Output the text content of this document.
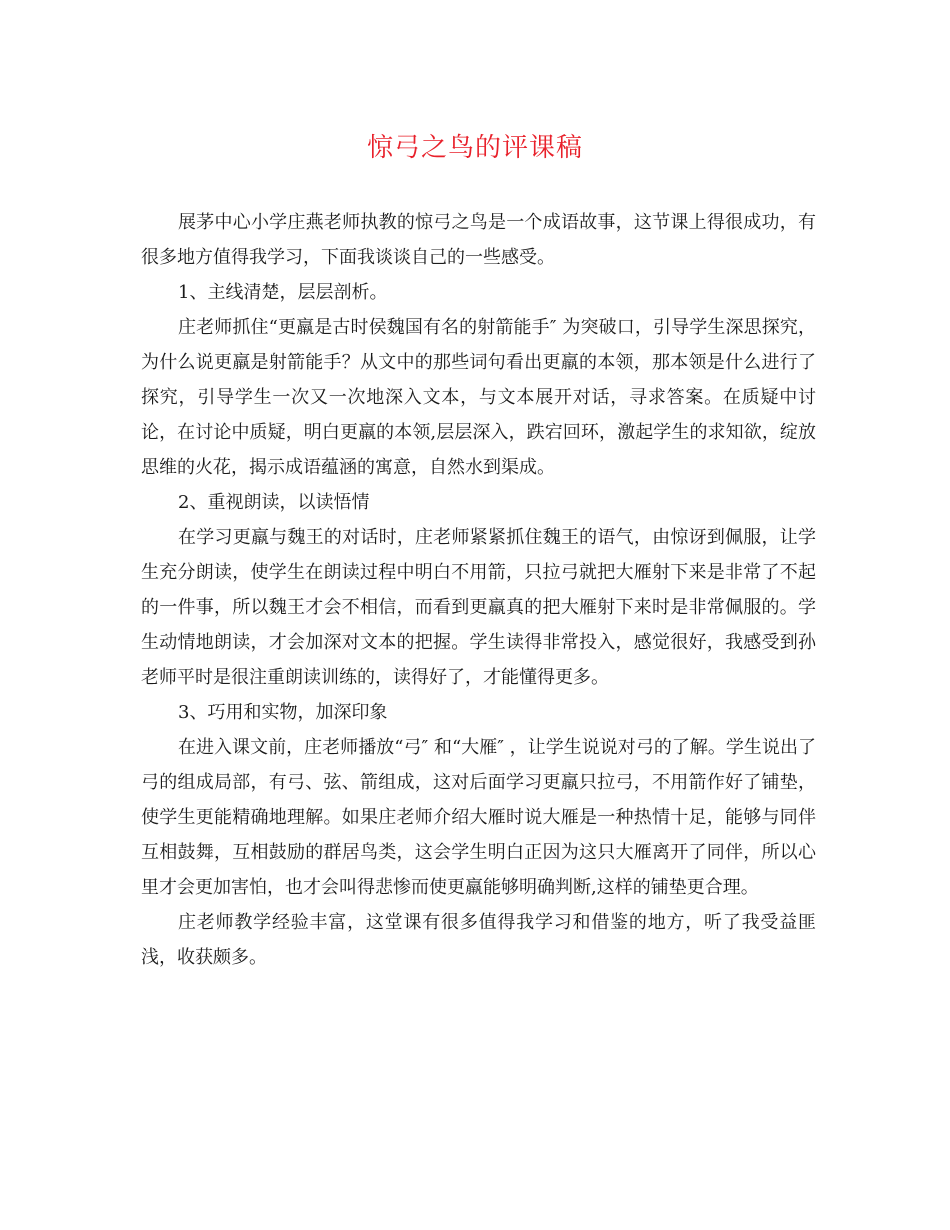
惊弓之鸟的评课稿

展茅中心小学庄燕老师执教的惊弓之鸟是一个成语故事，这节课上得很成功，有很多地方值得我学习，下面我谈谈自己的一些感受。

1、主线清楚，层层剖析。

庄老师抓住“更羸是古时侯魏国有名的射箭能手″ 为突破口，引导学生深思探究，为什么说更羸是射箭能手？从文中的那些词句看出更羸的本领，那本领是什么进行了探究，引导学生一次又一次地深入文本，与文本展开对话，寻求答案。在质疑中讨论，在讨论中质疑，明白更羸的本领,层层深入，跌宕回环，激起学生的求知欲，绽放思维的火花，揭示成语蕴涵的寓意，自然水到渠成。

2、重视朗读，以读悟情

在学习更羸与魏王的对话时，庄老师紧紧抓住魏王的语气，由惊讶到佩服，让学生充分朗读，使学生在朗读过程中明白不用箭，只拉弓就把大雁射下来是非常了不起的一件事，所以魏王才会不相信，而看到更羸真的把大雁射下来时是非常佩服的。学生动情地朗读，才会加深对文本的把握。学生读得非常投入，感觉很好，我感受到孙老师平时是很注重朗读训练的，读得好了，才能懂得更多。

3、巧用和实物，加深印象

在进入课文前，庄老师播放“弓″ 和“大雁″ ，让学生说说对弓的了解。学生说出了弓的组成局部，有弓、弦、箭组成，这对后面学习更羸只拉弓，不用箭作好了铺垫，使学生更能精确地理解。如果庄老师介绍大雁时说大雁是一种热情十足，能够与同伴互相鼓舞，互相鼓励的群居鸟类，这会学生明白正因为这只大雁离开了同伴，所以心里才会更加害怕，也才会叫得悲惨而使更羸能够明确判断,这样的铺垫更合理。

庄老师教学经验丰富，这堂课有很多值得我学习和借鉴的地方，听了我受益匪浅，收获颇多。
